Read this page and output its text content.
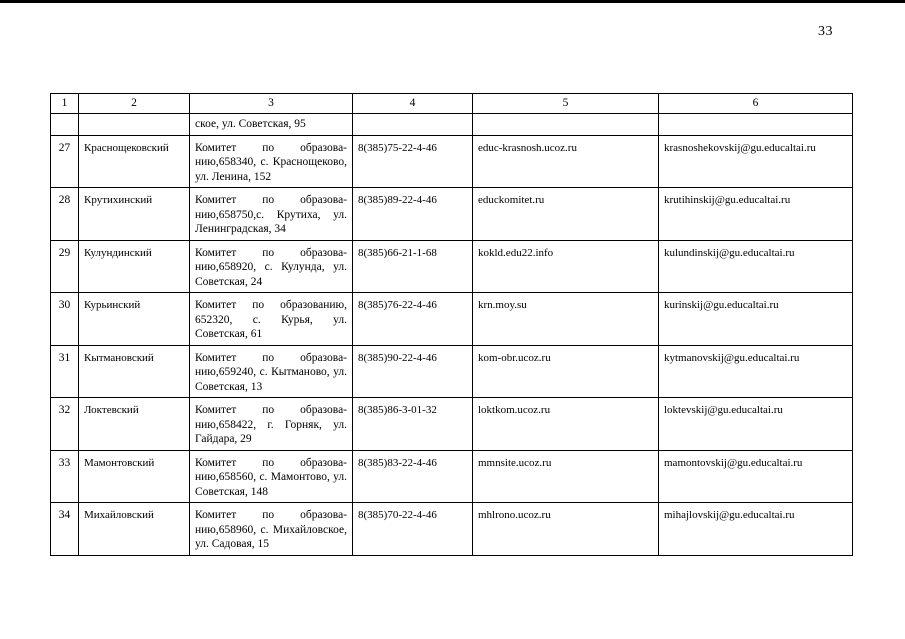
33
1	2	3	4	5	6
		ское, ул. Советская, 95			
27	Краснощековский	Комитет по образова-нию,658340, с. Краснощеково, ул. Ленина, 152	8(385)75-22-4-46	educ-krasnosh.ucoz.ru	krasnoshekovskij@gu.educaltai.ru
28	Крутихинский	Комитет по образова-нию,658750,с. Крутиха, ул. Ленинградская, 34	8(385)89-22-4-46	educkomitet.ru	krutihinskij@gu.educaltai.ru
29	Кулундинский	Комитет по образова-нию,658920, с. Кулунда, ул. Советская, 24	8(385)66-21-1-68	kokld.edu22.info	kulundinskij@gu.educaltai.ru
30	Курьинский	Комитет по образованию, 652320, с. Курья, ул. Советская, 61	8(385)76-22-4-46	krn.moy.su	kurinskij@gu.educaltai.ru
31	Кытмановский	Комитет по образова-нию,659240, с. Кытманово, ул. Советская, 13	8(385)90-22-4-46	kom-obr.ucoz.ru	kytmanovskij@gu.educaltai.ru
32	Локтевский	Комитет по образова-нию,658422, г. Горняк, ул. Гайдара, 29	8(385)86-3-01-32	loktkom.ucoz.ru	loktevskij@gu.educaltai.ru
33	Мамонтовский	Комитет по образова-нию,658560, с. Мамонтово, ул. Советская, 148	8(385)83-22-4-46	mmnsite.ucoz.ru	mamontovskij@gu.educaltai.ru
34	Михайловский	Комитет по образова-нию,658960, с. Михайловское, ул. Садовая, 15	8(385)70-22-4-46	mhlrono.ucoz.ru	mihajlovskij@gu.educaltai.ru
